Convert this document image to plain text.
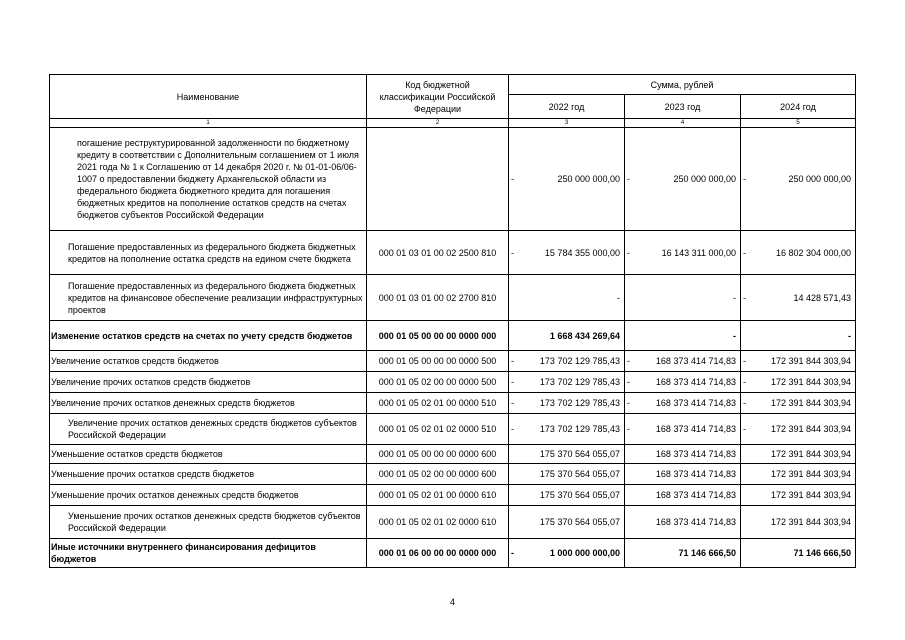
Наименование	Код бюджетной классификации Российской Федерации	Сумма, рублей		
		2022 год	2023 год	2024 год
1	2	3	4	5
погашение реструктурированной задолженности по бюджетному кредиту в соответствии с Дополнительным соглашением от 1 июля 2021 года № 1 к Соглашению от 14 декабря 2020 г. № 01-01-06/06-1007 о предоставлении бюджету Архангельской области из федерального бюджета бюджетного кредита для погашения бюджетных кредитов на пополнение остатков средств на счетах бюджетов субъектов Российской Федерации		- 250 000 000,00	- 250 000 000,00	- 250 000 000,00
Погашение предоставленных из федерального бюджета бюджетных кредитов на пополнение остатка средств на едином счете бюджета	000 01 03 01 00 02 2500 810	- 15 784 355 000,00	- 16 143 311 000,00	- 16 802 304 000,00
Погашение предоставленных из федерального бюджета бюджетных кредитов на финансовое обеспечение реализации инфраструктурных проектов	000 01 03 01 00 02 2700 810	-	-	- 14 428 571,43
Изменение остатков средств на счетах по учету средств бюджетов	000 01 05 00 00 00 0000 000	1 668 434 269,64	-	-
Увеличение остатков средств бюджетов	000 01 05 00 00 00 0000 500	- 173 702 129 785,43	- 168 373 414 714,83	- 172 391 844 303,94
Увеличение прочих остатков средств бюджетов	000 01 05 02 00 00 0000 500	- 173 702 129 785,43	- 168 373 414 714,83	- 172 391 844 303,94
Увеличение прочих остатков денежных средств бюджетов	000 01 05 02 01 00 0000 510	- 173 702 129 785,43	- 168 373 414 714,83	- 172 391 844 303,94
Увеличение прочих остатков денежных средств бюджетов субъектов Российской Федерации	000 01 05 02 01 02 0000 510	- 173 702 129 785,43	- 168 373 414 714,83	- 172 391 844 303,94
Уменьшение остатков средств бюджетов	000 01 05 00 00 00 0000 600	175 370 564 055,07	168 373 414 714,83	172 391 844 303,94
Уменьшение прочих остатков средств бюджетов	000 01 05 02 00 00 0000 600	175 370 564 055,07	168 373 414 714,83	172 391 844 303,94
Уменьшение прочих остатков денежных средств бюджетов	000 01 05 02 01 00 0000 610	175 370 564 055,07	168 373 414 714,83	172 391 844 303,94
Уменьшение прочих остатков денежных средств бюджетов субъектов Российской Федерации	000 01 05 02 01 02 0000 610	175 370 564 055,07	168 373 414 714,83	172 391 844 303,94
Иные источники внутреннего финансирования дефицитов бюджетов	000 01 06 00 00 00 0000 000	- 1 000 000 000,00	71 146 666,50	71 146 666,50
4
